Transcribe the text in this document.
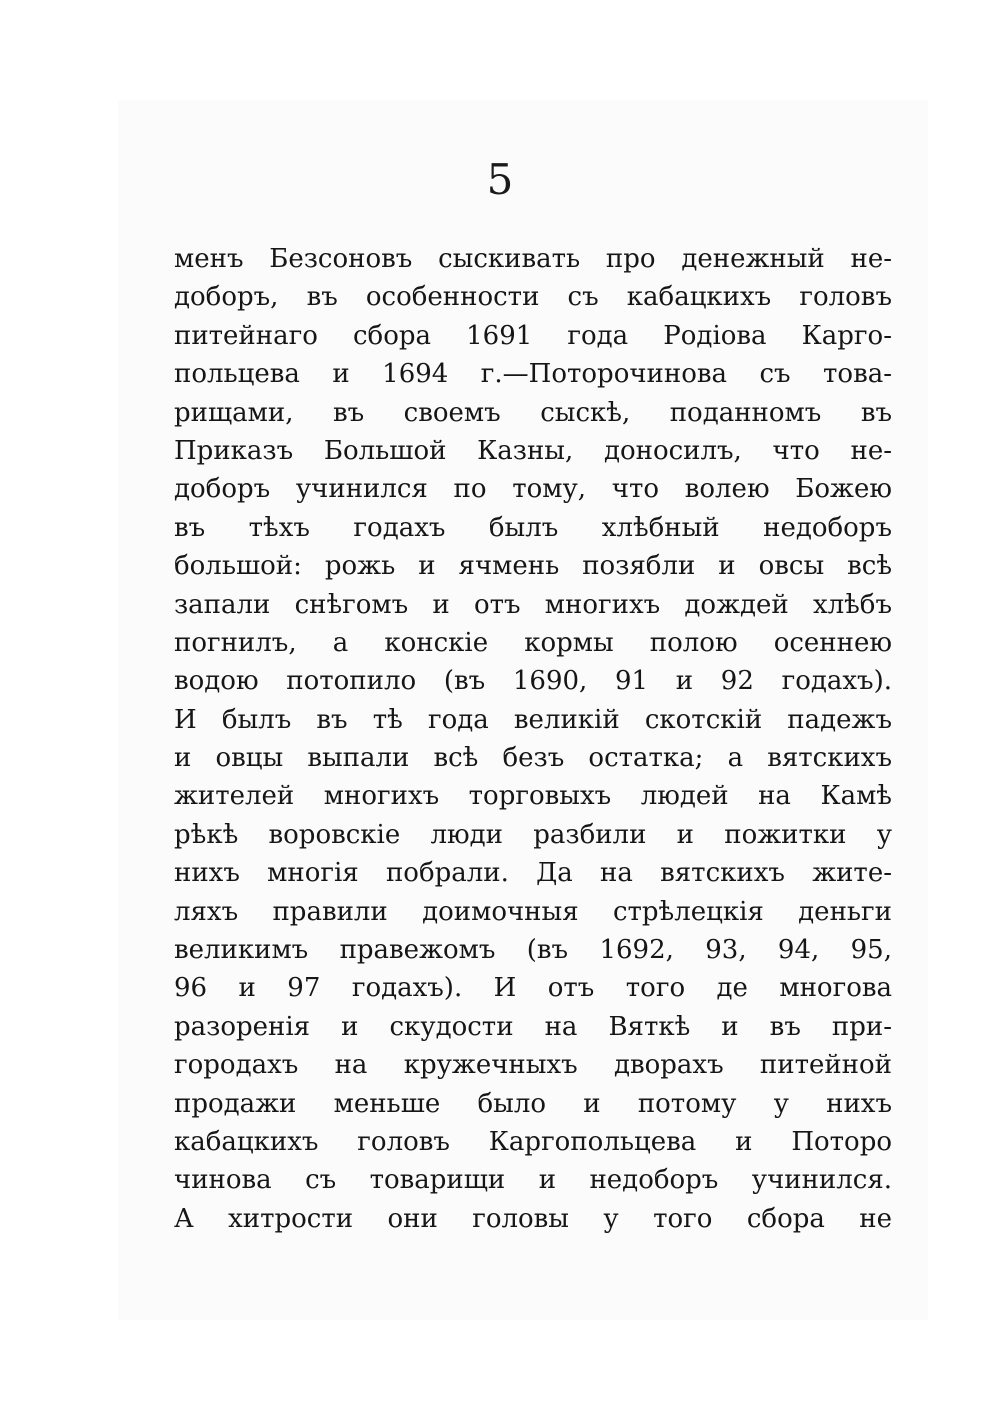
5
менъ Безсоновъ сыскивать про денежный не-
доборъ, въ особенности съ кабацкихъ головъ
питейнаго сбора 1691 года Родiова Карго-
польцева и 1694 г.—Поторочинова съ това-
рищами, въ своемъ сыскѣ, поданномъ въ
Приказъ Большой Казны, доносилъ, что не-
доборъ учинился по тому, что волею Божею
въ тѣхъ годахъ былъ хлѣбный недоборъ
большой: рожь и ячмень позябли и овсы всѣ
запали снѣгомъ и отъ многихъ дождей хлѣбъ
погнилъ, а конскiе кормы полою осеннею
водою потопило (въ 1690, 91 и 92 годахъ).
И былъ въ тѣ года великiй скотскiй падежъ
и овцы выпали всѣ безъ остатка; а вятскихъ
жителей многихъ торговыхъ людей на Камѣ
рѣкѣ воровскiе люди разбили и пожитки у
нихъ многiя побрали. Да на вятскихъ жите-
ляхъ правили доимочныя стрѣлецкiя деньги
великимъ правежомъ (въ 1692, 93, 94, 95,
96 и 97 годахъ). И отъ того де многова
разоренiя и скудости на Вяткѣ и въ при-
городахъ на кружечныхъ дворахъ питейной
продажи меньше было и потому у нихъ
кабацкихъ головъ Каргопольцева и Поторо
чинова съ товарищи и недоборъ учинился.
А хитрости они головы у того сбора не
